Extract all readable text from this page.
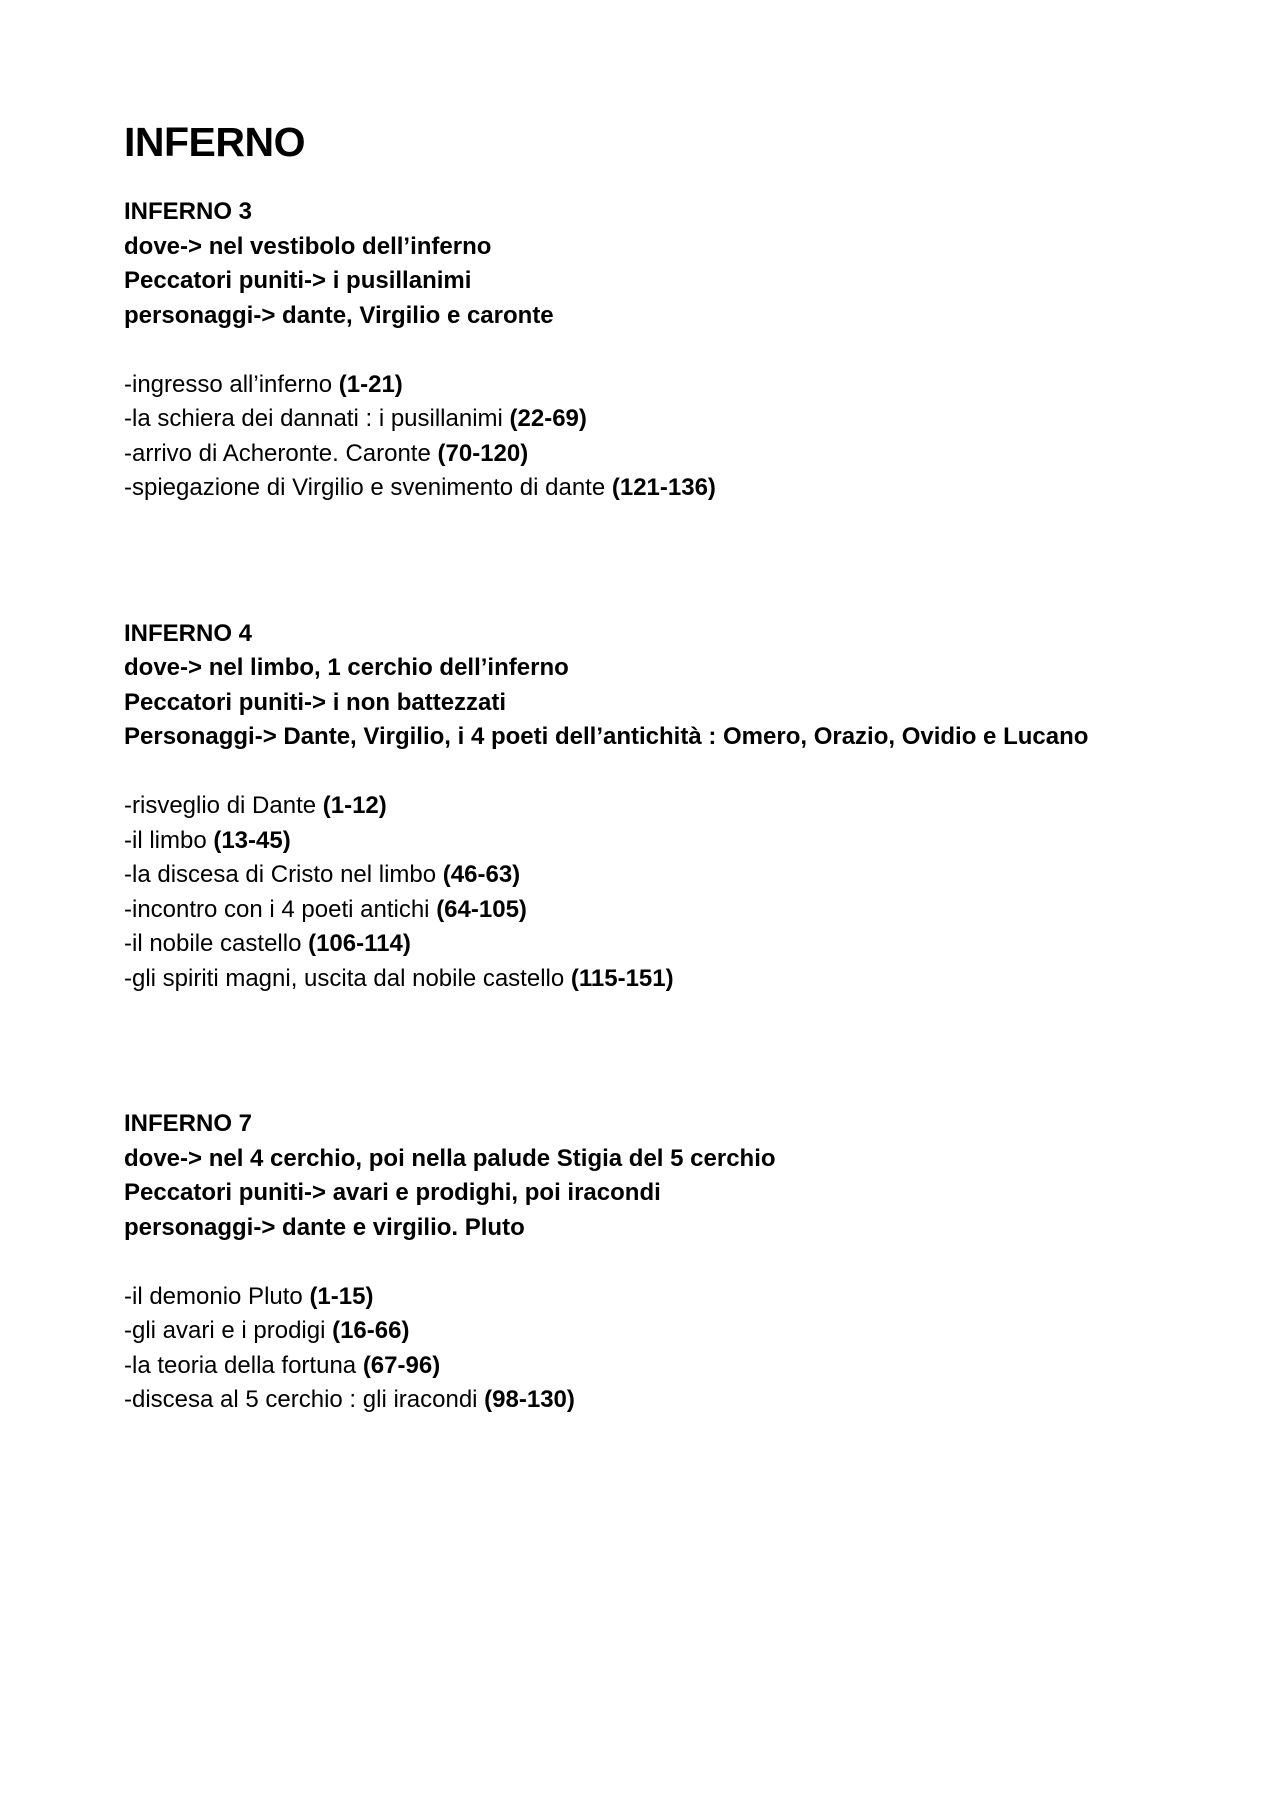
INFERNO

INFERNO 3

dove-> nel vestibolo dell’inferno

Peccatori puniti-> i pusillanimi

personaggi-> dante, Virgilio e caronte

-ingresso all’inferno (1-21)

-la schiera dei dannati : i pusillanimi (22-69)

-arrivo di Acheronte. Caronte (70-120)

-spiegazione di Virgilio e svenimento di dante (121-136)

INFERNO 4

dove-> nel limbo, 1 cerchio dell’inferno

Peccatori puniti-> i non battezzati

Personaggi-> Dante, Virgilio, i 4 poeti dell’antichità : Omero, Orazio, Ovidio e Lucano

-risveglio di Dante (1-12)

-il limbo (13-45)

-la discesa di Cristo nel limbo (46-63)

-incontro con i 4 poeti antichi (64-105)

-il nobile castello (106-114)

-gli spiriti magni, uscita dal nobile castello (115-151)

INFERNO 7

dove-> nel 4 cerchio, poi nella palude Stigia del 5 cerchio

Peccatori puniti-> avari e prodighi, poi iracondi

personaggi-> dante e virgilio. Pluto

-il demonio Pluto (1-15)

-gli avari e i prodigi (16-66)

-la teoria della fortuna (67-96)

-discesa al 5 cerchio : gli iracondi (98-130)
